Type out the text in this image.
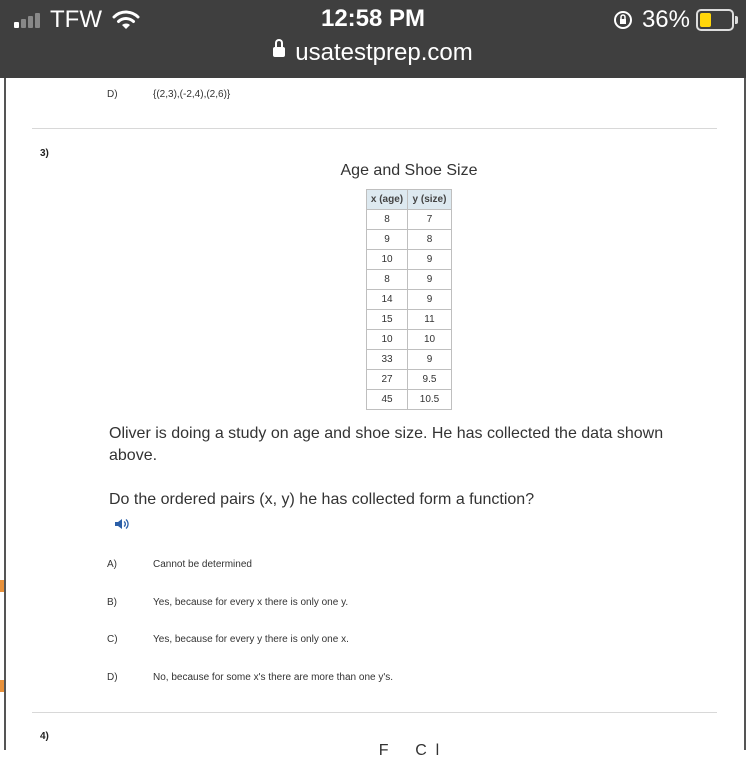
TFW	12:58 PM	36%
usatestprep.com
D)	{(2,3),(-2,4),(2,6)}
3)
Age and Shoe Size
x (age)	y (size)
8	7
9	8
10	9
8	9
14	9
15	11
10	10
33	9
27	9.5
45	10.5
Oliver is doing a study on age and shoe size. He has collected the data shown above.
Do the ordered pairs (x, y) he has collected form a function?
A)	Cannot be determined
B)	Yes, because for every x there is only one y.
C)	Yes, because for every y there is only one x.
D)	No, because for some x's there are more than one y's.
4)
F      C  l
